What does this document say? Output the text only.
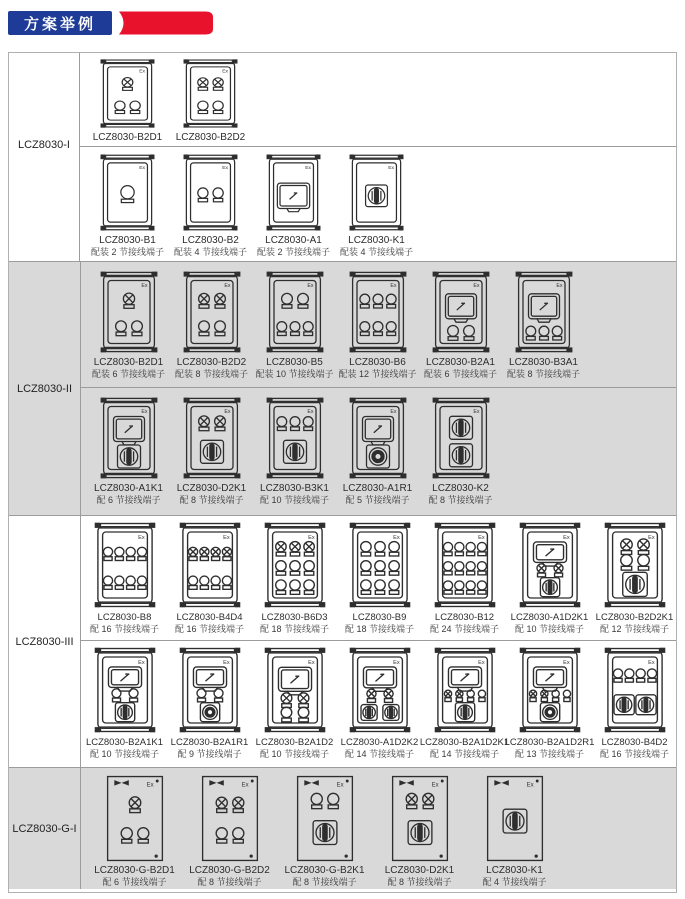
方案举例
LCZ8030-I
Ex
LCZ8030-B2D1
Ex
LCZ8030-B2D2
Ex
LCZ8030-B1
配装 2 节接线端子
Ex
LCZ8030-B2
配装 4 节接线端子
Ex
LCZ8030-A1
配装 2 节接线端子
Ex
LCZ8030-K1
配装 4 节接线端子
LCZ8030-II
Ex
LCZ8030-B2D1
配装 6 节接线端子
Ex
LCZ8030-B2D2
配装 8 节接线端子
Ex
LCZ8030-B5
配装 10 节接线端子
Ex
LCZ8030-B6
配装 12 节接线端子
Ex
LCZ8030-B2A1
配装 6 节接线端子
Ex
LCZ8030-B3A1
配装 8 节接线端子
Ex
LCZ8030-A1K1
配 6 节接线端子
Ex
LCZ8030-D2K1
配 8 节接线端子
Ex
LCZ8030-B3K1
配 10 节接线端子
Ex
LCZ8030-A1R1
配 5 节接线端子
Ex
LCZ8030-K2
配 8 节接线端子
LCZ8030-III
Ex
LCZ8030-B8
配 16 节接线端子
Ex
LCZ8030-B4D4
配 16 节接线端子
Ex
LCZ8030-B6D3
配 18 节接线端子
Ex
LCZ8030-B9
配 18 节接线端子
Ex
LCZ8030-B12
配 24 节接线端子
Ex
LCZ8030-A1D2K1
配 10 节接线端子
Ex
LCZ8030-B2D2K1
配 12 节接线端子
Ex
LCZ8030-B2A1K1
配 10 节接线端子
Ex
LCZ8030-B2A1R1
配 9 节接线端子
Ex
LCZ8030-B2A1D2
配 10 节接线端子
Ex
LCZ8030-A1D2K2
配 14 节接线端子
Ex
LCZ8030-B2A1D2K1
配 14 节接线端子
Ex
LCZ8030-B2A1D2R1
配 13 节接线端子
Ex
LCZ8030-B4D2
配 16 节接线端子
LCZ8030-G-I
Ex
LCZ8030-G-B2D1
配 6 节接线端子
Ex
LCZ8030-G-B2D2
配 8 节接线端子
Ex
LCZ8030-G-B2K1
配 8 节接线端子
Ex
LCZ8030-D2K1
配 8 节接线端子
Ex
LCZ8030-K1
配 4 节接线端子
